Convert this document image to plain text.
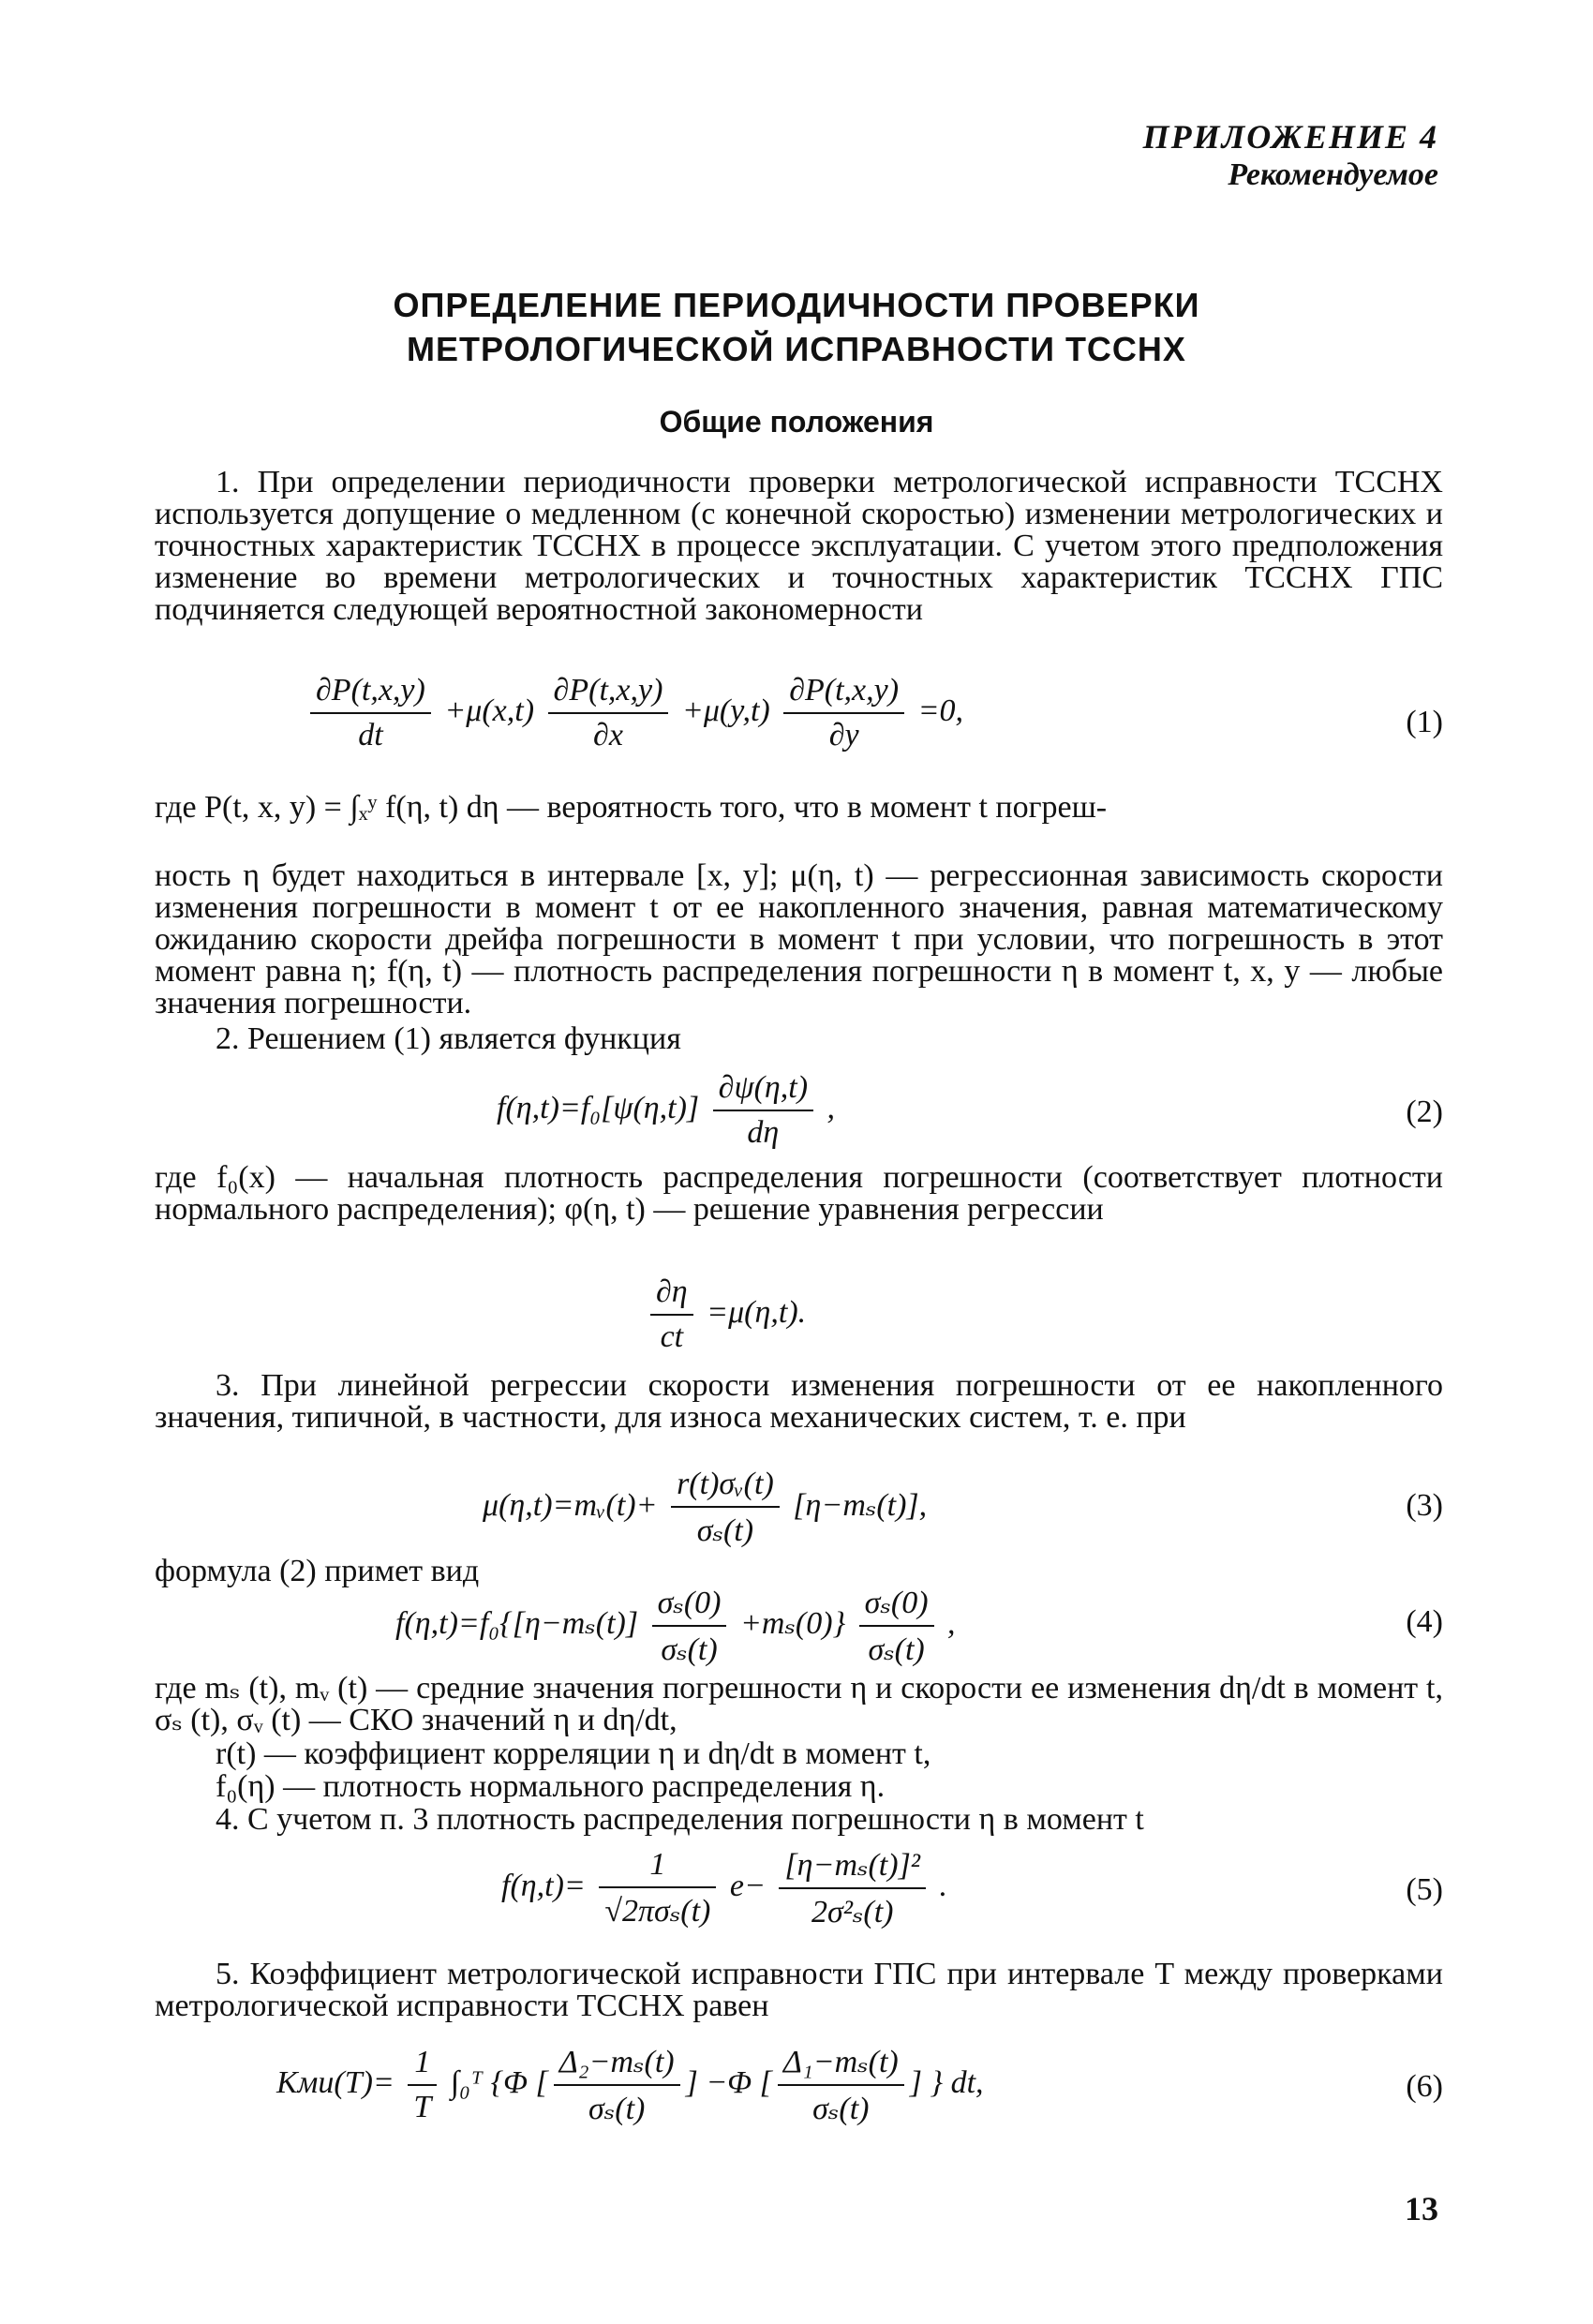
ПРИЛОЖЕНИЕ 4
Рекомендуемое
ОПРЕДЕЛЕНИЕ ПЕРИОДИЧНОСТИ ПРОВЕРКИ
МЕТРОЛОГИЧЕСКОЙ ИСПРАВНОСТИ ТССНХ
Общие положения
1. При определении периодичности проверки метрологической исправности ТССНХ используется допущение о медленном (с конечной скоростью) изменении метрологических и точностных характеристик ТССНХ в процессе эксплуатации. С учетом этого предположения изменение во времени метрологических и точностных характеристик ТССНХ ГПС подчиняется следующей вероятностной закономерности
$\frac{\partial P(t,x,y)}{dt} +\mu(x,t) \frac{\partial P(t,x,y)}{\partial x} +\mu(y,t) \frac{\partial P(t,x,y)}{\partial y} =0$,	(1)
где P(t, x, y) = ∫ₓʸ f(η, t) dη — вероятность того, что в момент t погреш-
ность η будет находиться в интервале [x, y]; μ(η, t) — регрессионная зависимость скорости изменения погрешности в момент t от ее накопленного значения, равная математическому ожиданию скорости дрейфа погрешности в момент t при условии, что погрешность в этот момент равна η; f(η, t) — плотность распределения погрешности η в момент t, x, y — любые значения погрешности.
2. Решением (1) является функция
$f(\eta,t)=f_0[\psi(\eta,t)] \frac{\partial\psi(\eta,t)}{d\eta}$ ,	(2)
где f₀(x) — начальная плотность распределения погрешности (соответствует плотности нормального распределения); φ(η, t) — решение уравнения регрессии
$\frac{\partial\eta}{ct} =\mu(\eta,t)$.
3. При линейной регрессии скорости изменения погрешности от ее накопленного значения, типичной, в частности, для износа механических систем, т. е. при
μ(η,t)=mᵥ(t)+ $\frac{\text{r(t)σᵥ(t)}}{\text{σₛ(t)}} [\eta-m_s(t)]$,	(3)
формула (2) примет вид
$f(\eta,t)=f_0\{[\eta-m_s(t)] \frac{\text{σₛ(0)}}{\text{σₛ(t)}} +m_s(0)\} \frac{\text{σₛ(0)}}{\text{σₛ(t)}}$ ,	(4)
где mₛ (t), mᵥ (t) — средние значения погрешности η и скорости ее изменения dη/dt в момент t, σₛ (t), σᵥ (t) — СКО значений η и dη/dt,
r(t) — коэффициент корреляции η и dη/dt в момент t,
f₀(η) — плотность нормального распределения η.
4. С учетом п. 3 плотность распределения погрешности η в момент t
$f(\eta,t)= \frac{1}{\text{√2πσₛ(t)}} e- \frac{\text{[η−mₛ(t)]²}}{\text{2σ²ₛ(t)}}$ .	(5)
5. Коэффициент метрологической исправности ГПС при интервале T между проверками метрологической исправности ТССНХ равен
$Kми(T)= \frac{1}{T}$ ∫₀ᵀ {Φ [ $\frac{\text{Δ₂−mₛ(t)}}{\text{σₛ(t)}}$ ] −Φ [ $\frac{\text{Δ₁−mₛ(t)}}{\text{σₛ(t)}}$ ] } dt,	(6)
13
